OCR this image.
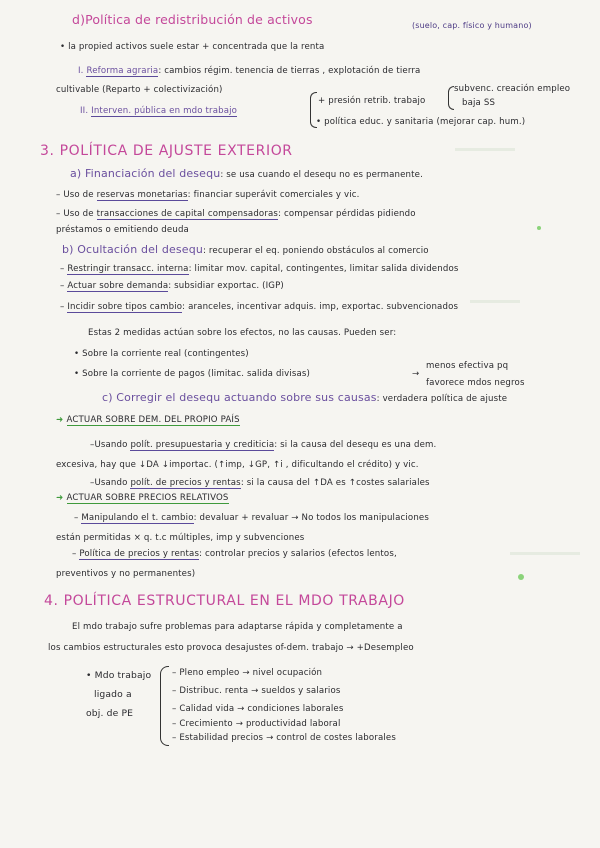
d)Política de redistribución de activos	(suelo, cap. físico y humano)
• la propied activos suele estar + concentrada que la renta
I. Reforma agraria: cambios régim. tenencia de tierras , explotación de tierra
cultivable (Reparto + colectivización)
II. Interven. pública en mdo trabajo
+ presión retrib. trabajo
subvenc. creación empleo
baja SS
• política educ. y sanitaria (mejorar cap. hum.)
3. POLÍTICA DE AJUSTE EXTERIOR
a) Financiación del desequ: se usa cuando el desequ no es permanente.
– Uso de reservas monetarias: financiar superávit comerciales y vic.
– Uso de transacciones de capital compensadoras: compensar pérdidas pidiendo
préstamos o emitiendo deuda
b) Ocultación del desequ: recuperar el eq. poniendo obstáculos al comercio
– Restringir transacc. interna: limitar mov. capital, contingentes, limitar salida dividendos
– Actuar sobre demanda: subsidiar exportac. (IGP)
– Incidir sobre tipos cambio: aranceles, incentivar adquis. imp, exportac. subvencionados
Estas 2 medidas actúan sobre los efectos, no las causas. Pueden ser:
• Sobre la corriente real (contingentes)
• Sobre la corriente de pagos (limitac. salida divisas)	→
menos efectiva pq
favorece mdos negros
c) Corregir el desequ actuando sobre sus causas: verdadera política de ajuste
➜ ACTUAR SOBRE DEM. DEL PROPIO PAÍS
–Usando polít. presupuestaria y crediticia: si la causa del desequ es una dem.
excesiva, hay que ↓DA ↓importac. (↑imp, ↓GP, ↑i , dificultando el crédito) y vic.
–Usando polít. de precios y rentas: si la causa del ↑DA es ↑costes salariales
➜ ACTUAR SOBRE PRECIOS RELATIVOS
– Manipulando el t. cambio: devaluar + revaluar → No todos los manipulaciones
están permitidas × q. t.c múltiples, imp y subvenciones
– Política de precios y rentas: controlar precios y salarios (efectos lentos,
preventivos y no permanentes)
4. POLÍTICA ESTRUCTURAL EN EL MDO TRABAJO
El mdo trabajo sufre problemas para adaptarse rápida y completamente a
los cambios estructurales esto provoca desajustes of-dem. trabajo → +Desempleo
• Mdo trabajo
ligado a
obj. de PE
– Pleno empleo → nivel ocupación
– Distribuc. renta → sueldos y salarios
– Calidad vida → condiciones laborales
– Crecimiento → productividad laboral
– Estabilidad precios → control de costes laborales
